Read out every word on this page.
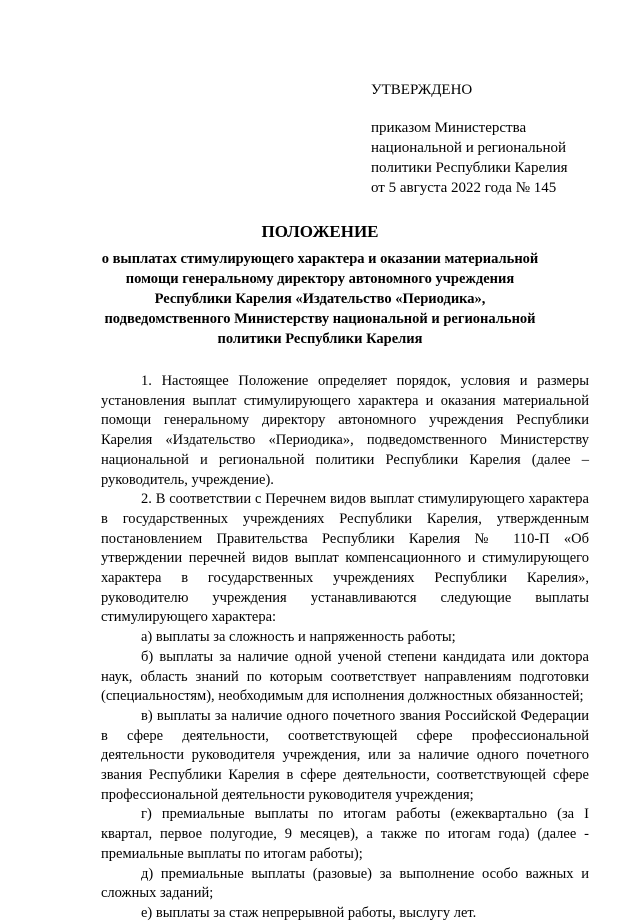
УТВЕРЖДЕНО
приказом Министерства
национальной и региональной
политики Республики Карелия
от 5 августа 2022 года № 145
ПОЛОЖЕНИЕ
о выплатах стимулирующего характера и оказании материальной
помощи генеральному директору автономного учреждения
Республики Карелия «Издательство «Периодика»,
подведомственного Министерству национальной и региональной
политики Республики Карелия

1. Настоящее Положение определяет порядок, условия и размеры установления выплат стимулирующего характера и оказания материальной помощи генеральному директору автономного учреждения Республики Карелия «Издательство «Периодика», подведомственного Министерству национальной и региональной политики Республики Карелия (далее – руководитель, учреждение).

2. В соответствии с Перечнем видов выплат стимулирующего характера в государственных учреждениях Республики Карелия, утвержденным постановлением Правительства Республики Карелия № 110-П «Об утверждении перечней видов выплат компенсационного и стимулирующего характера в государственных учреждениях Республики Карелия», руководителю учреждения устанавливаются следующие выплаты стимулирующего характера:

а) выплаты за сложность и напряженность работы;

б) выплаты за наличие одной ученой степени кандидата или доктора наук, область знаний по которым соответствует направлениям подготовки (специальностям), необходимым для исполнения должностных обязанностей;

в) выплаты за наличие одного почетного звания Российской Федерации в сфере деятельности, соответствующей сфере профессиональной деятельности руководителя учреждения, или за наличие одного почетного звания Республики Карелия в сфере деятельности, соответствующей сфере профессиональной деятельности руководителя учреждения;

г) премиальные выплаты по итогам работы (ежеквартально (за I квартал, первое полугодие, 9 месяцев), а также по итогам года) (далее - премиальные выплаты по итогам работы);

д) премиальные выплаты (разовые) за выполнение особо важных и сложных заданий;

е) выплаты за стаж непрерывной работы, выслугу лет.
